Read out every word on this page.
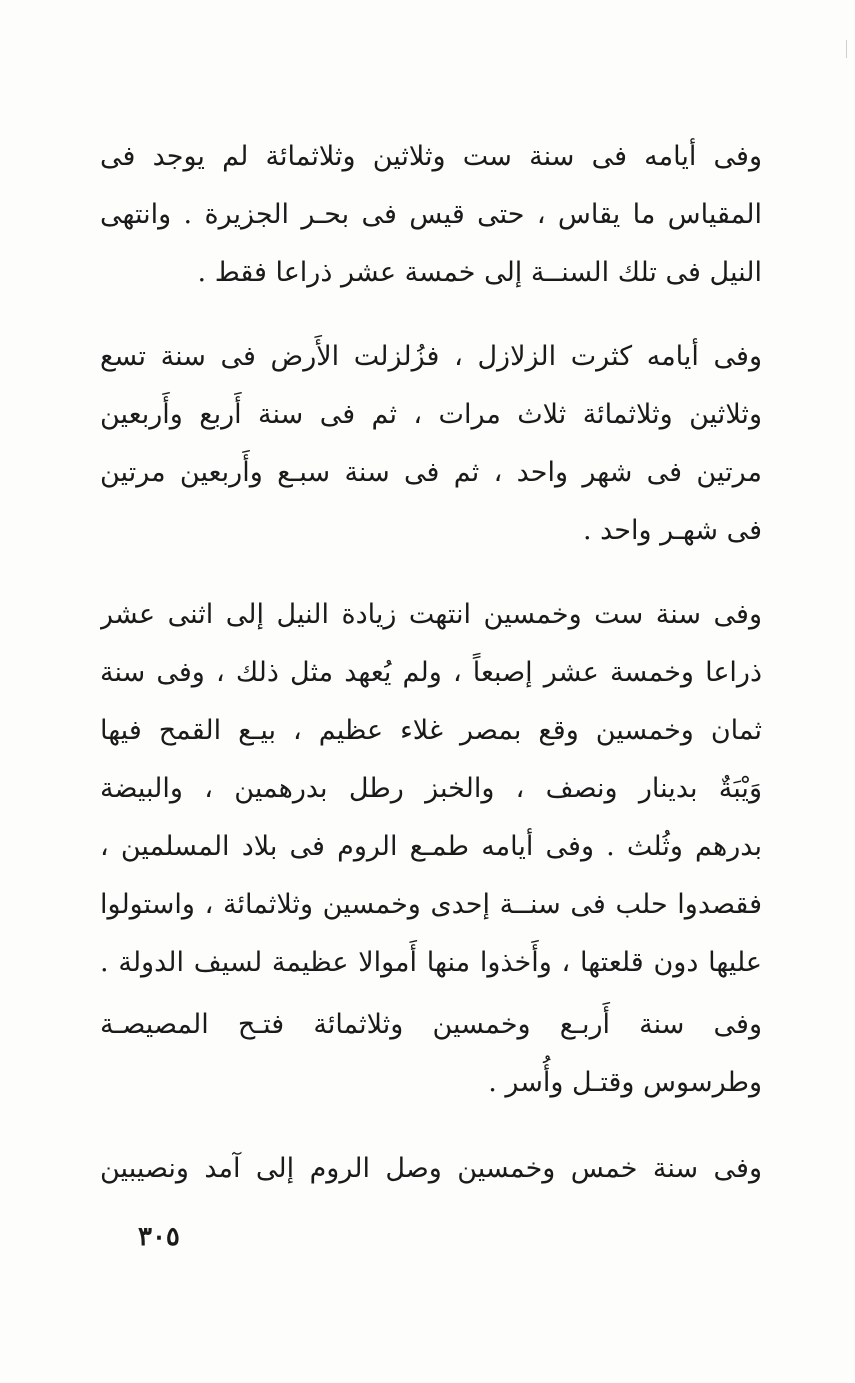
وفى أيامه فى سنة ست وثلاثين وثلاثمائة لم يوجد فى
المقياس ما يقاس ، حتى قيس فى بحـر الجزيرة . وانتهى
النيل فى تلك السنــة إلى خمسة عشر ذراعا فقط .

وفى أيامه كثرت الزلازل ، فزُلزلت الأَرض فى سنة تسع
وثلاثين وثلاثمائة ثلاث مرات ، ثم فى سنة أَربع وأَربعين
مرتين فى شهر واحد ، ثم فى سنة سبـع وأَربعين مرتين
فى شهـر واحد .

وفى سنة ست وخمسين انتهت زيادة النيل إلى اثنى عشر
ذراعا وخمسة عشر إصبعاً ، ولم يُعهد مثل ذلك ، وفى سنة
ثمان وخمسين وقع بمصر غلاء عظيم ، بيـع القمح فيها
وَيْبَةٌ بدينار ونصف ، والخبز رطل بدرهمين ، والبيضة
بدرهم وثُلث . وفى أيامه طمـع الروم فى بلاد المسلمين ،
فقصدوا حلب فى سنــة إحدى وخمسين وثلاثمائة ، واستولوا
عليها دون قلعتها ، وأَخذوا منها أَموالا عظيمة لسيف الدولة .

وفى سنة أَربـع وخمسين وثلاثمائة فتـح المصيصـة
وطرسوس وقتـل وأُسر .

وفى سنة خمس وخمسين وصل الروم إلى آمد ونصيبين

٣٠٥
